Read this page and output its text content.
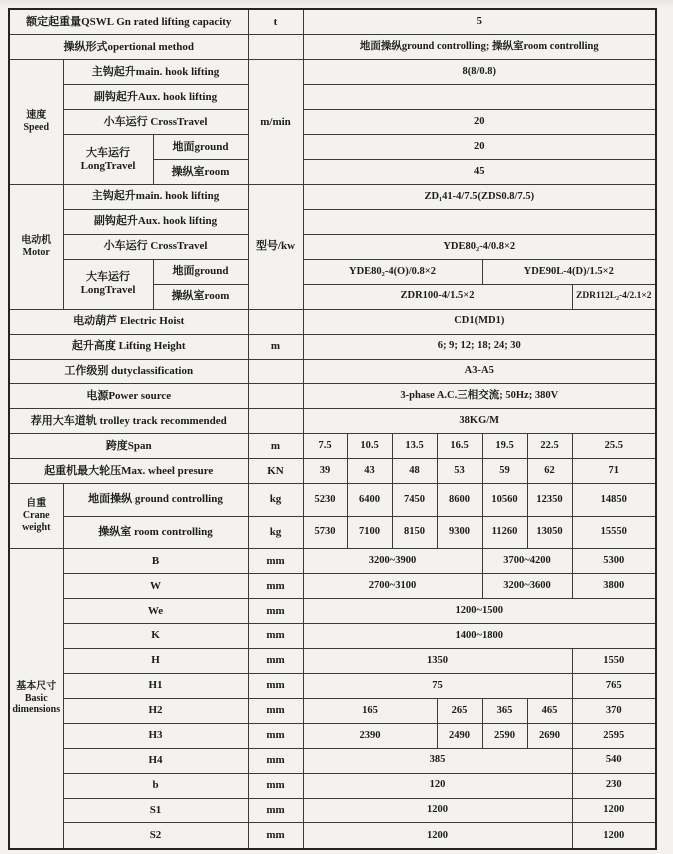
额定起重量QSWL Gn rated lifting capacity			t	5						
操纵形式opertional method				地面操纵ground controlling; 操纵室room controlling						

速度
Speed	主钩起升main. hook lifting		m/min	8(8/0.8)						
	副钩起升Aux. hook lifting									
	小车运行 CrossTravel			20						

	大车运行
LongTravel	地面ground		20						
		操纵室room		45						

电动机
Motor	主钩起升main. hook lifting		型号/kw	ZD₁41-4/7.5(ZDS0.8/7.5)						
	副钩起升Aux. hook lifting									
	小车运行 CrossTravel			YDE80₂-4/0.8×2						

	大车运行
LongTravel	地面ground		YDE80₂-4(O)/0.8×2				YDE90L-4(D)/1.5×2		
		操纵室room		ZDR100-4/1.5×2						ZDR112L₂-4/2.1×2
电动葫芦 Electric Hoist				CD1(MD1)						
起升高度 Lifting Height			m	6; 9; 12; 18; 24; 30						
工作级别 dutyclassification				A3-A5						
电源Power source				3-phase A.C.三相交流; 50Hz; 380V						
荐用大车道轨 trolley track recommended				38KG/M						
跨度Span			m	7.5	10.5	13.5	16.5	19.5	22.5	25.5
起重机最大轮压Max. wheel presure			KN	39	43	48	53	59	62	71

自重
Crane
weight	地面操纵 ground controlling		kg	5230	6400	7450	8600	10560	12350	14850
	操纵室 room controlling		kg	5730	7100	8150	9300	11260	13050	15550

基本尺寸
Basic
dimensions	B		mm	3200~3900				3700~4200		5300
	W		mm	2700~3100				3200~3600		3800
	We		mm	1200~1500						
	K		mm	1400~1800						
	H		mm	1350						1550
	H1		mm	75						765
	H2		mm	165			265	365	465	370
	H3		mm	2390			2490	2590	2690	2595
	H4		mm	385						540
	b		mm	120						230
	S1		mm	1200						1200
	S2		mm	1200						1200
